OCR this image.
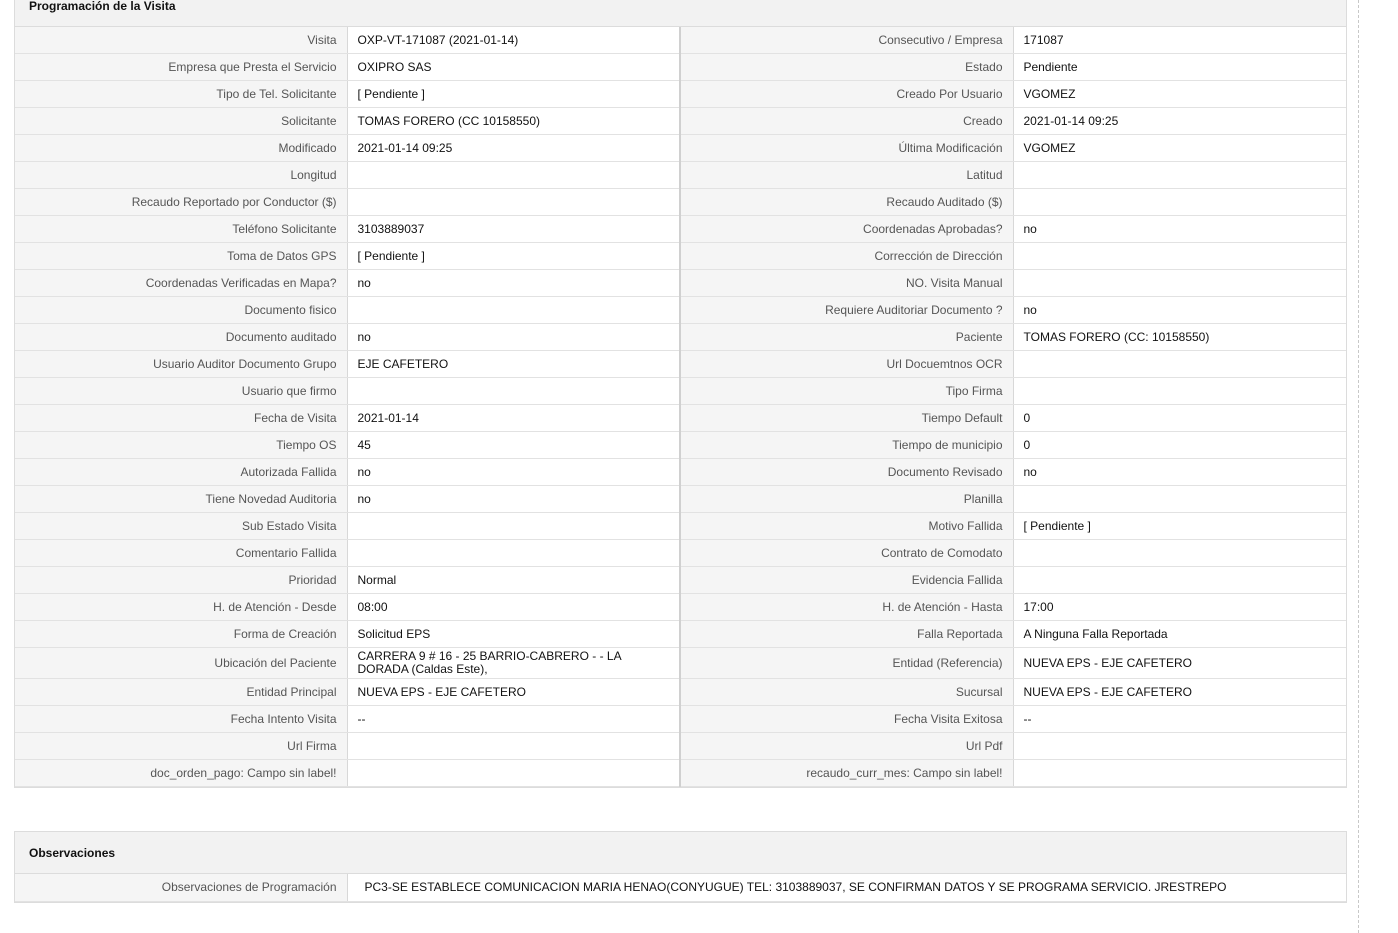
Programación de la Visita
Visita	OXP-VT-171087 (2021-01-14)	Consecutivo / Empresa	171087
Empresa que Presta el Servicio	OXIPRO SAS	Estado	Pendiente
Tipo de Tel. Solicitante	[ Pendiente ]	Creado Por Usuario	VGOMEZ
Solicitante	TOMAS FORERO (CC 10158550)	Creado	2021-01-14 09:25
Modificado	2021-01-14 09:25	Última Modificación	VGOMEZ
Longitud		Latitud	
Recaudo Reportado por Conductor ($)		Recaudo Auditado ($)	
Teléfono Solicitante	3103889037	Coordenadas Aprobadas?	no
Toma de Datos GPS	[ Pendiente ]	Corrección de Dirección	
Coordenadas Verificadas en Mapa?	no	NO. Visita Manual	
Documento fisico		Requiere Auditoriar Documento ?	no
Documento auditado	no	Paciente	TOMAS FORERO (CC: 10158550)
Usuario Auditor Documento Grupo	EJE CAFETERO	Url Docuemtnos OCR	
Usuario que firmo		Tipo Firma	
Fecha de Visita	2021-01-14	Tiempo Default	0
Tiempo OS	45	Tiempo de municipio	0
Autorizada Fallida	no	Documento Revisado	no
Tiene Novedad Auditoria	no	Planilla	
Sub Estado Visita		Motivo Fallida	[ Pendiente ]
Comentario Fallida		Contrato de Comodato	
Prioridad	Normal	Evidencia Fallida	
H. de Atención - Desde	08:00	H. de Atención - Hasta	17:00
Forma de Creación	Solicitud EPS	Falla Reportada	A Ninguna Falla Reportada
Ubicación del Paciente	CARRERA 9 # 16 - 25 BARRIO-CABRERO - - LA DORADA (Caldas Este),	Entidad (Referencia)	NUEVA EPS - EJE CAFETERO
Entidad Principal	NUEVA EPS - EJE CAFETERO	Sucursal	NUEVA EPS - EJE CAFETERO
Fecha Intento Visita	--	Fecha Visita Exitosa	--
Url Firma		Url Pdf	
doc_orden_pago: Campo sin label!		recaudo_curr_mes: Campo sin label!	
Observaciones
Observaciones de Programación	PC3-SE ESTABLECE COMUNICACION MARIA HENAO(CONYUGUE) TEL: 3103889037, SE CONFIRMAN DATOS Y SE PROGRAMA SERVICIO. JRESTREPO
